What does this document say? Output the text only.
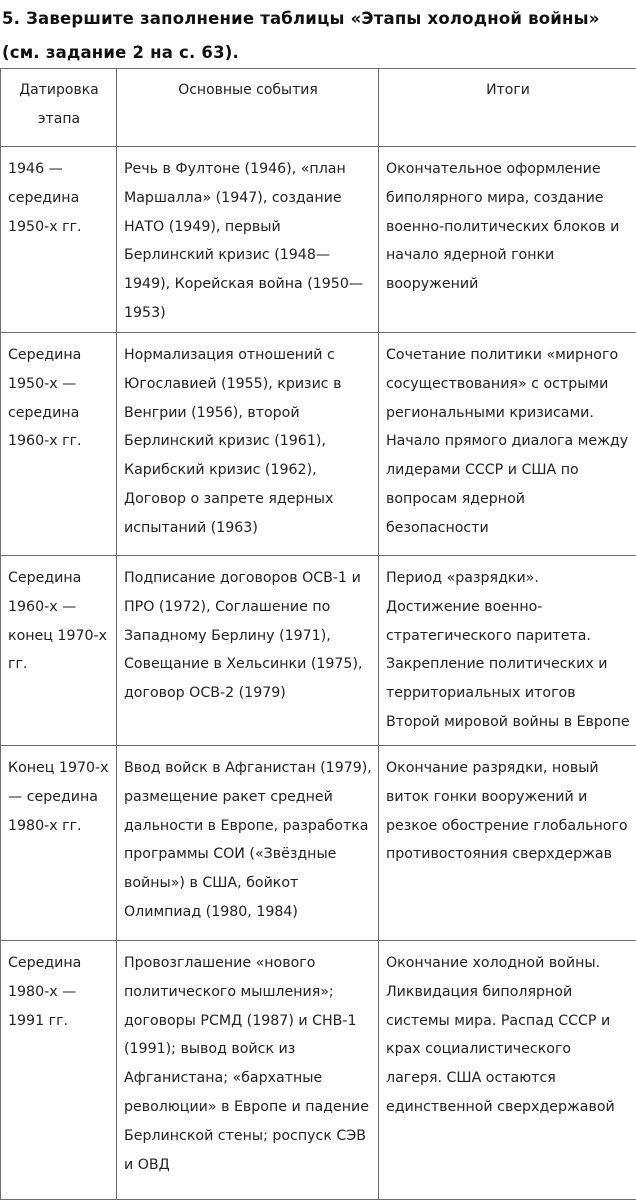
5. Завершите заполнение таблицы «Этапы холодной войны» (см. задание 2 на с. 63).
Датировка этапа	Основные события	Итоги
1946 — середина 1950-х гг.	Речь в Фултоне (1946), «план Маршалла» (1947), создание НАТО (1949), первый Берлинский кризис (1948—1949), Корейская война (1950—1953)	Окончательное оформление биполярного мира, создание военно-политических блоков и начало ядерной гонки вооружений
Середина 1950-х — середина 1960-х гг.	Нормализация отношений с Югославией (1955), кризис в Венгрии (1956), второй Берлинский кризис (1961), Карибский кризис (1962), Договор о запрете ядерных испытаний (1963)	Сочетание политики «мирного сосуществования» с острыми региональными кризисами. Начало прямого диалога между лидерами СССР и США по вопросам ядерной безопасности
Середина 1960-х — конец 1970-х гг.	Подписание договоров ОСВ-1 и ПРО (1972), Соглашение по Западному Берлину (1971), Совещание в Хельсинки (1975), договор ОСВ-2 (1979)	Период «разрядки». Достижение военно-стратегического паритета. Закрепление политических и территориальных итогов Второй мировой войны в Европе
Конец 1970-х — середина 1980-х гг.	Ввод войск в Афганистан (1979), размещение ракет средней дальности в Европе, разработка программы СОИ («Звёздные войны») в США, бойкот Олимпиад (1980, 1984)	Окончание разрядки, новый виток гонки вооружений и резкое обострение глобального противостояния сверхдержав
Середина 1980-х — 1991 гг.	Провозглашение «нового политического мышления»; договоры РСМД (1987) и СНВ-1 (1991); вывод войск из Афганистана; «бархатные революции» в Европе и падение Берлинской стены; роспуск СЭВ и ОВД	Окончание холодной войны. Ликвидация биполярной системы мира. Распад СССР и крах социалистического лагеря. США остаются единственной сверхдержавой
